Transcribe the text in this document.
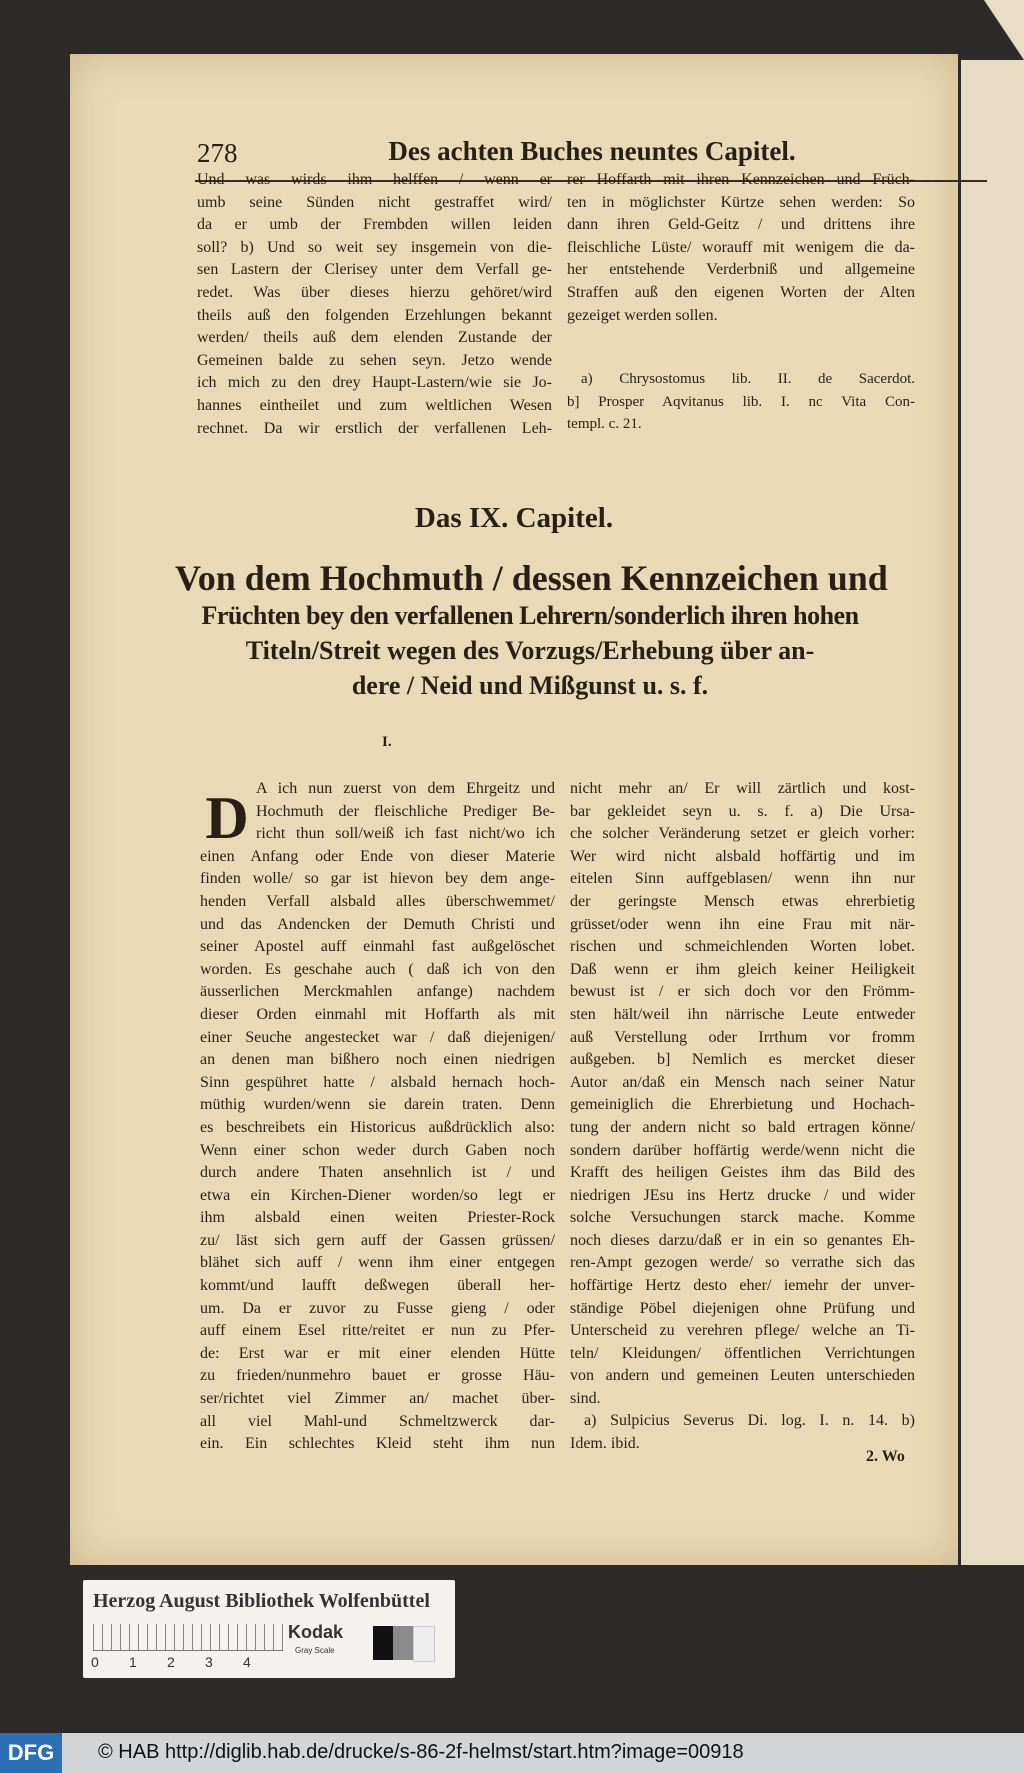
278	Des achten Buches neuntes Capitel.
Und was wirds ihm helffen / wenn er
umb seine Sünden nicht gestraffet wird/
da er umb der Frembden willen leiden
soll? b) Und so weit sey insgemein von die-
sen Lastern der Clerisey unter dem Verfall ge-
redet. Was über dieses hierzu gehöret/wird
theils auß den folgenden Erzehlungen bekannt
werden/ theils auß dem elenden Zustande der
Gemeinen balde zu sehen seyn. Jetzo wende
ich mich zu den drey Haupt-Lastern/wie sie Jo-
hannes eintheilet und zum weltlichen Wesen
rechnet. Da wir erstlich der verfallenen Leh-
rer Hoffarth mit ihren Kennzeichen und Früch-
ten in möglichster Kürtze sehen werden: So
dann ihren Geld-Geitz / und drittens ihre
fleischliche Lüste/ worauff mit wenigem die da-
her entstehende Verderbniß und allgemeine
Straffen auß den eigenen Worten der Alten
gezeiget werden sollen.
a) Chrysostomus lib. II. de Sacerdot.
b] Prosper Aqvitanus lib. I. nc Vita Con-
templ. c. 21.
Das IX. Capitel.
Von dem Hochmuth / dessen Kennzeichen und
Früchten bey den verfallenen Lehrern/sonderlich ihren hohen
Titeln/Streit wegen des Vorzugs/Erhebung über an-
dere / Neid und Mißgunst u. s. f.
I.
D A ich nun zuerst von dem Ehrgeitz und
Hochmuth der fleischliche Prediger Be-
richt thun soll/weiß ich fast nicht/wo ich
einen Anfang oder Ende von dieser Materie
finden wolle/ so gar ist hievon bey dem ange-
henden Verfall alsbald alles überschwemmet/
und das Andencken der Demuth Christi und
seiner Apostel auff einmahl fast außgelöschet
worden. Es geschahe auch ( daß ich von den
äusserlichen Merckmahlen anfange) nachdem
dieser Orden einmahl mit Hoffarth als mit
einer Seuche angestecket war / daß diejenigen/
an denen man bißhero noch einen niedrigen
Sinn gespühret hatte / alsbald hernach hoch-
müthig wurden/wenn sie darein traten. Denn
es beschreibets ein Historicus außdrücklich also:
Wenn einer schon weder durch Gaben noch
durch andere Thaten ansehnlich ist / und
etwa ein Kirchen-Diener worden/so legt er
ihm alsbald einen weiten Priester-Rock
zu/ läst sich gern auff der Gassen grüssen/
blähet sich auff / wenn ihm einer entgegen
kommt/und laufft deßwegen überall her-
um. Da er zuvor zu Fusse gieng / oder
auff einem Esel ritte/reitet er nun zu Pfer-
de: Erst war er mit einer elenden Hütte
zu frieden/nunmehro bauet er grosse Häu-
ser/richtet viel Zimmer an/ machet über-
all viel Mahl-und Schmeltzwerck dar-
ein. Ein schlechtes Kleid steht ihm nun
nicht mehr an/ Er will zärtlich und kost-
bar gekleidet seyn u. s. f. a) Die Ursa-
che solcher Veränderung setzet er gleich vorher:
Wer wird nicht alsbald hoffärtig und im
eitelen Sinn auffgeblasen/ wenn ihn nur
der geringste Mensch etwas ehrerbietig
grüsset/oder wenn ihn eine Frau mit när-
rischen und schmeichlenden Worten lobet.
Daß wenn er ihm gleich keiner Heiligkeit
bewust ist / er sich doch vor den Frömm-
sten hält/weil ihn närrische Leute entweder
auß Verstellung oder Irrthum vor fromm
außgeben. b] Nemlich es mercket dieser
Autor an/daß ein Mensch nach seiner Natur
gemeiniglich die Ehrerbietung und Hochach-
tung der andern nicht so bald ertragen könne/
sondern darüber hoffärtig werde/wenn nicht die
Krafft des heiligen Geistes ihm das Bild des
niedrigen JEsu ins Hertz drucke / und wider
solche Versuchungen starck mache. Komme
noch dieses darzu/daß er in ein so genantes Eh-
ren-Ampt gezogen werde/ so verrathe sich das
hoffärtige Hertz desto eher/ iemehr der unver-
ständige Pöbel diejenigen ohne Prüfung und
Unterscheid zu verehren pflege/ welche an Ti-
teln/ Kleidungen/ öffentlichen Verrichtungen
von andern und gemeinen Leuten unterschieden
sind.
a) Sulpicius Severus Di. log. I. n. 14. b)
Idem. ibid.
2. Wo
Herzog August Bibliothek Wolfenbüttel
0	1	2	3	4
Kodak
Gray Scale
DFG	© HAB http://diglib.hab.de/drucke/s-86-2f-helmst/start.htm?image=00918
